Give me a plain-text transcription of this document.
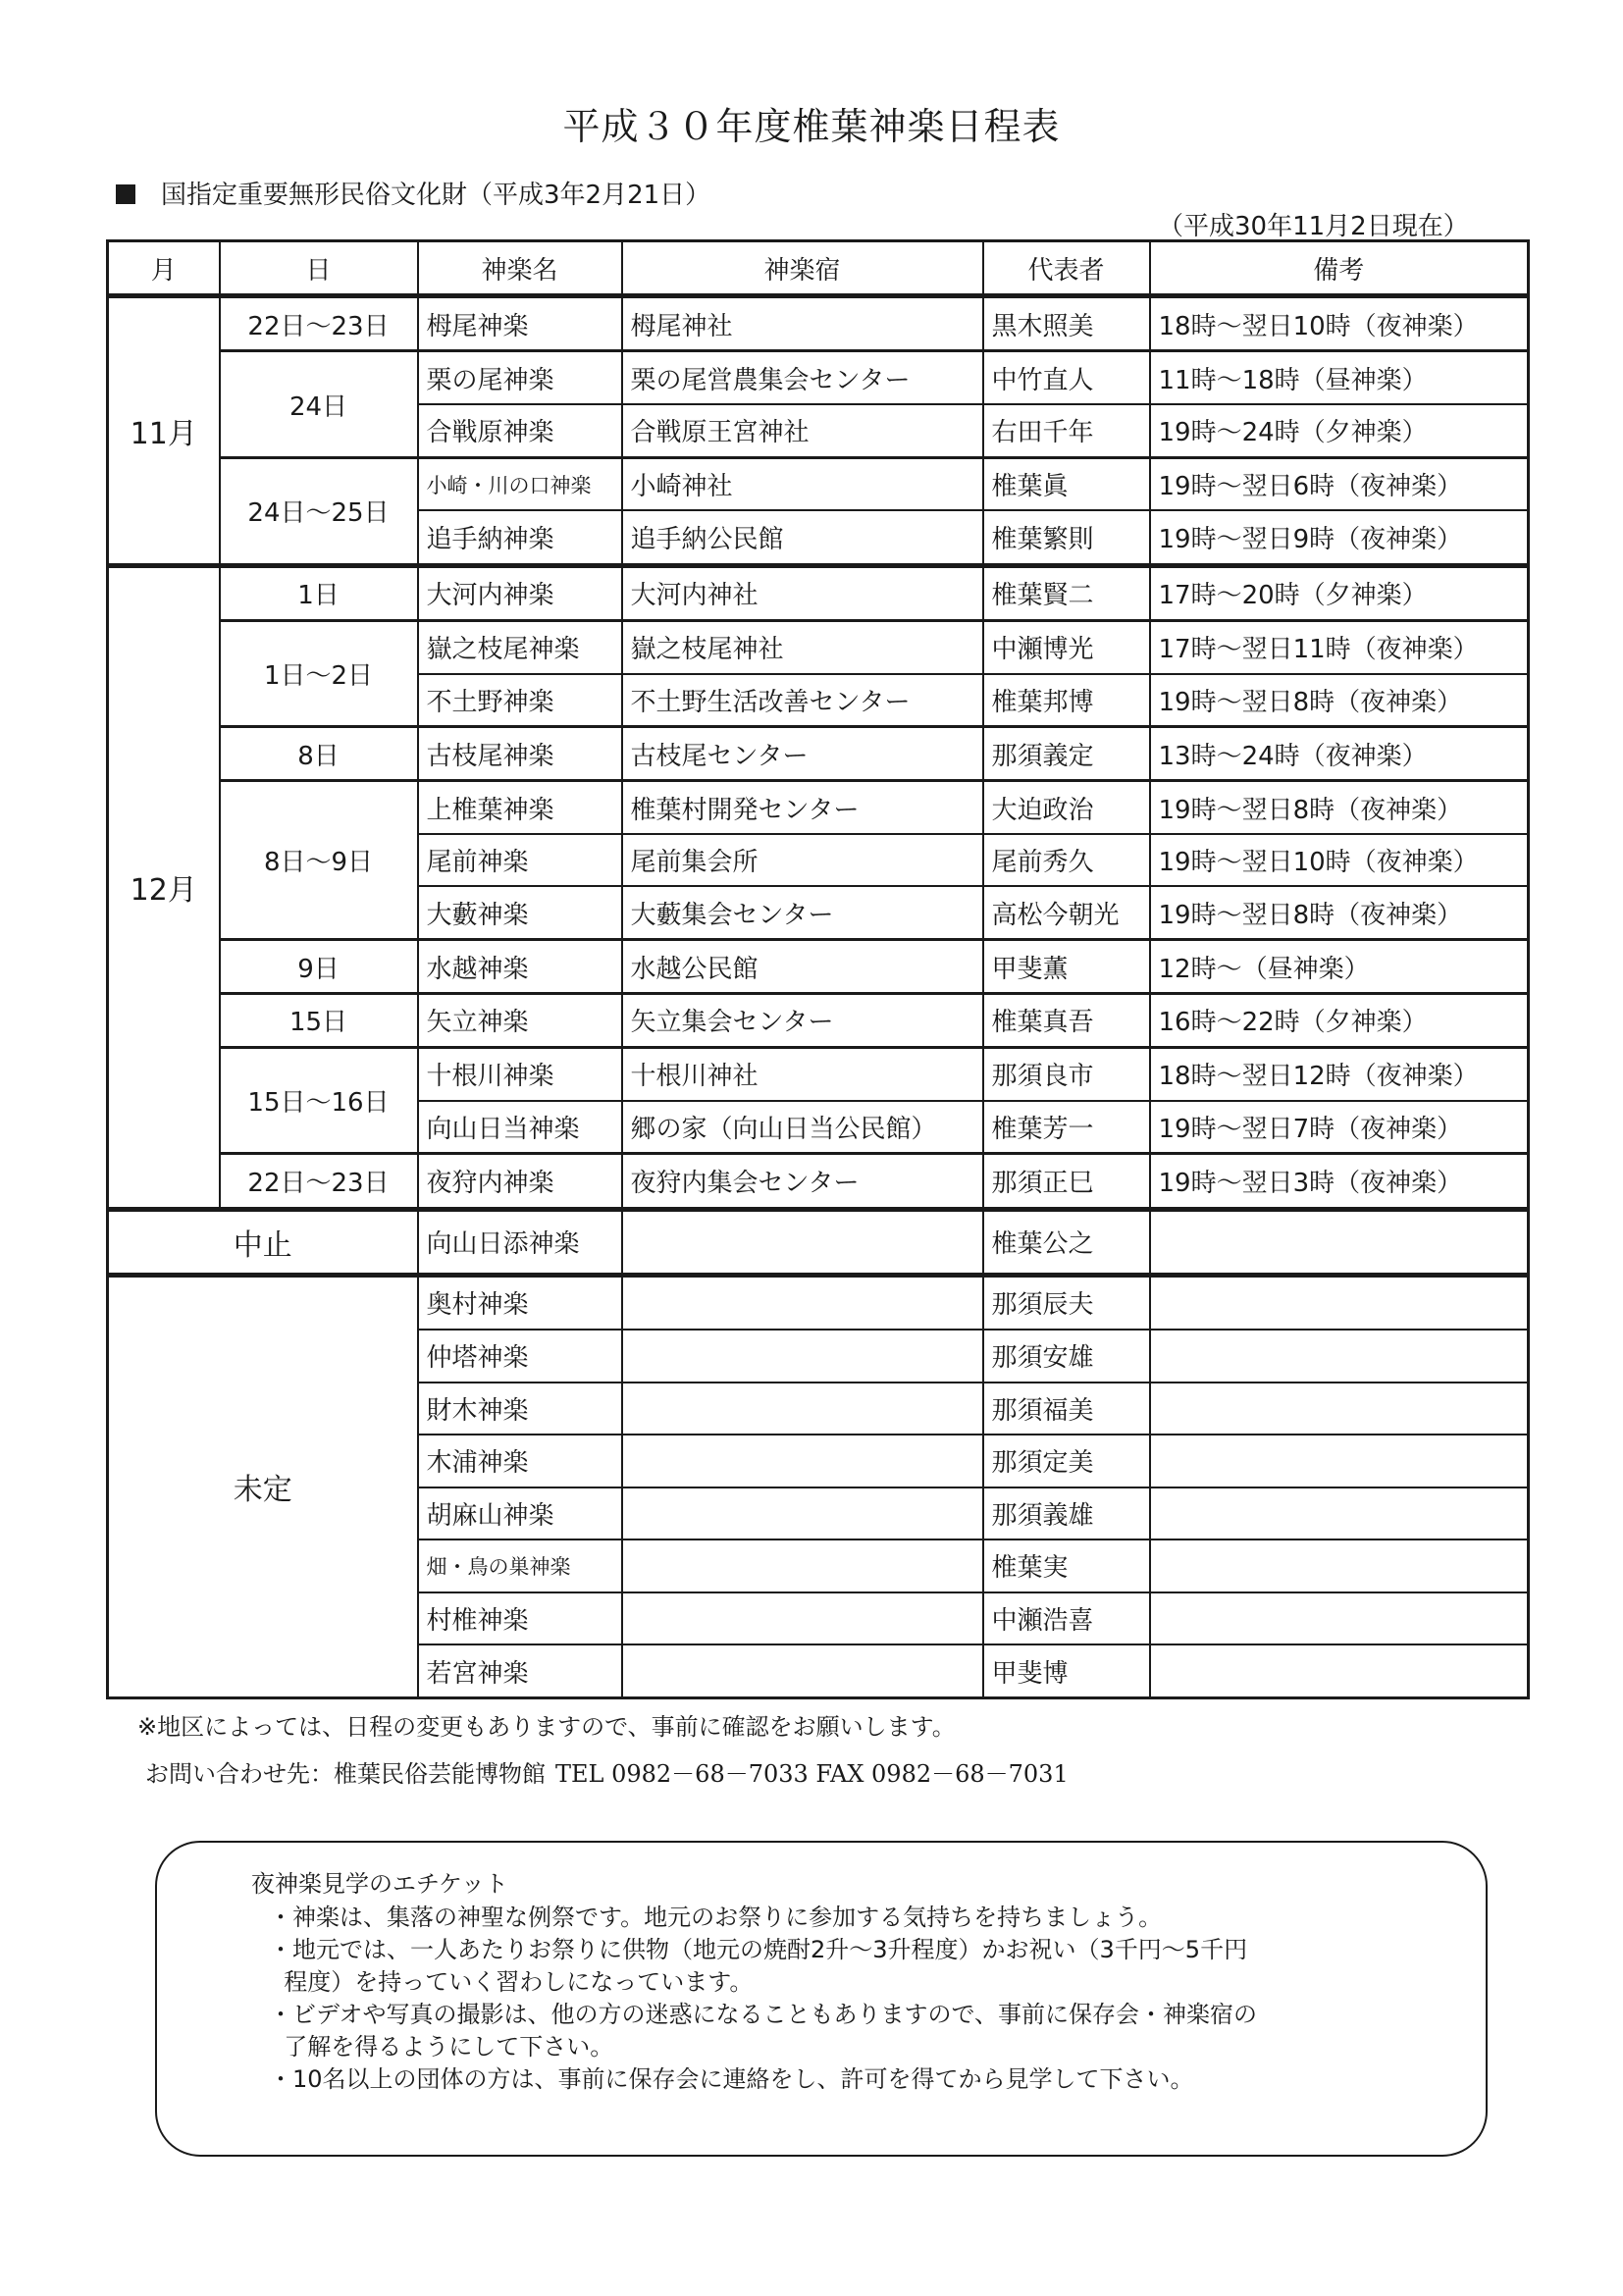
平成３０年度椎葉神楽日程表
国指定重要無形民俗文化財（平成3年2月21日）
（平成30年11月2日現在）
月	日	神楽名	神楽宿	代表者	備考
11月	22日～23日	栂尾神楽	栂尾神社	黒木照美	18時～翌日10時（夜神楽）
	24日	栗の尾神楽	栗の尾営農集会センター	中竹直人	11時～18時（昼神楽）
		合戦原神楽	合戦原王宮神社	右田千年	19時～24時（夕神楽）
	24日～25日	小崎・川の口神楽	小崎神社	椎葉眞	19時～翌日6時（夜神楽）
		追手納神楽	追手納公民館	椎葉繁則	19時～翌日9時（夜神楽）
12月	1日	大河内神楽	大河内神社	椎葉賢二	17時～20時（夕神楽）
	1日～2日	嶽之枝尾神楽	嶽之枝尾神社	中瀬博光	17時～翌日11時（夜神楽）
		不土野神楽	不土野生活改善センター	椎葉邦博	19時～翌日8時（夜神楽）
	8日	古枝尾神楽	古枝尾センター	那須義定	13時～24時（夜神楽）
	8日～9日	上椎葉神楽	椎葉村開発センター	大迫政治	19時～翌日8時（夜神楽）
		尾前神楽	尾前集会所	尾前秀久	19時～翌日10時（夜神楽）
		大藪神楽	大藪集会センター	高松今朝光	19時～翌日8時（夜神楽）
	9日	水越神楽	水越公民館	甲斐薫	12時～（昼神楽）
	15日	矢立神楽	矢立集会センター	椎葉真吾	16時～22時（夕神楽）
	15日～16日	十根川神楽	十根川神社	那須良市	18時～翌日12時（夜神楽）
		向山日当神楽	郷の家（向山日当公民館）	椎葉芳一	19時～翌日7時（夜神楽）
	22日～23日	夜狩内神楽	夜狩内集会センター	那須正巳	19時～翌日3時（夜神楽）
中止		向山日添神楽		椎葉公之	
未定		奥村神楽		那須辰夫	
		仲塔神楽		那須安雄	
		財木神楽		那須福美	
		木浦神楽		那須定美	
		胡麻山神楽		那須義雄	
		畑・鳥の巣神楽		椎葉実	
		村椎神楽		中瀬浩喜	
		若宮神楽		甲斐博	
※地区によっては、日程の変更もありますので、事前に確認をお願いします。
お問い合わせ先：椎葉民俗芸能博物館 TEL 0982－68－7033 FAX 0982－68－7031
夜神楽見学のエチケット
・神楽は、集落の神聖な例祭です。地元のお祭りに参加する気持ちを持ちましょう。
・地元では、一人あたりお祭りに供物（地元の焼酎2升～3升程度）かお祝い（3千円～5千円
程度）を持っていく習わしになっています。
・ビデオや写真の撮影は、他の方の迷惑になることもありますので、事前に保存会・神楽宿の
了解を得るようにして下さい。
・10名以上の団体の方は、事前に保存会に連絡をし、許可を得てから見学して下さい。
